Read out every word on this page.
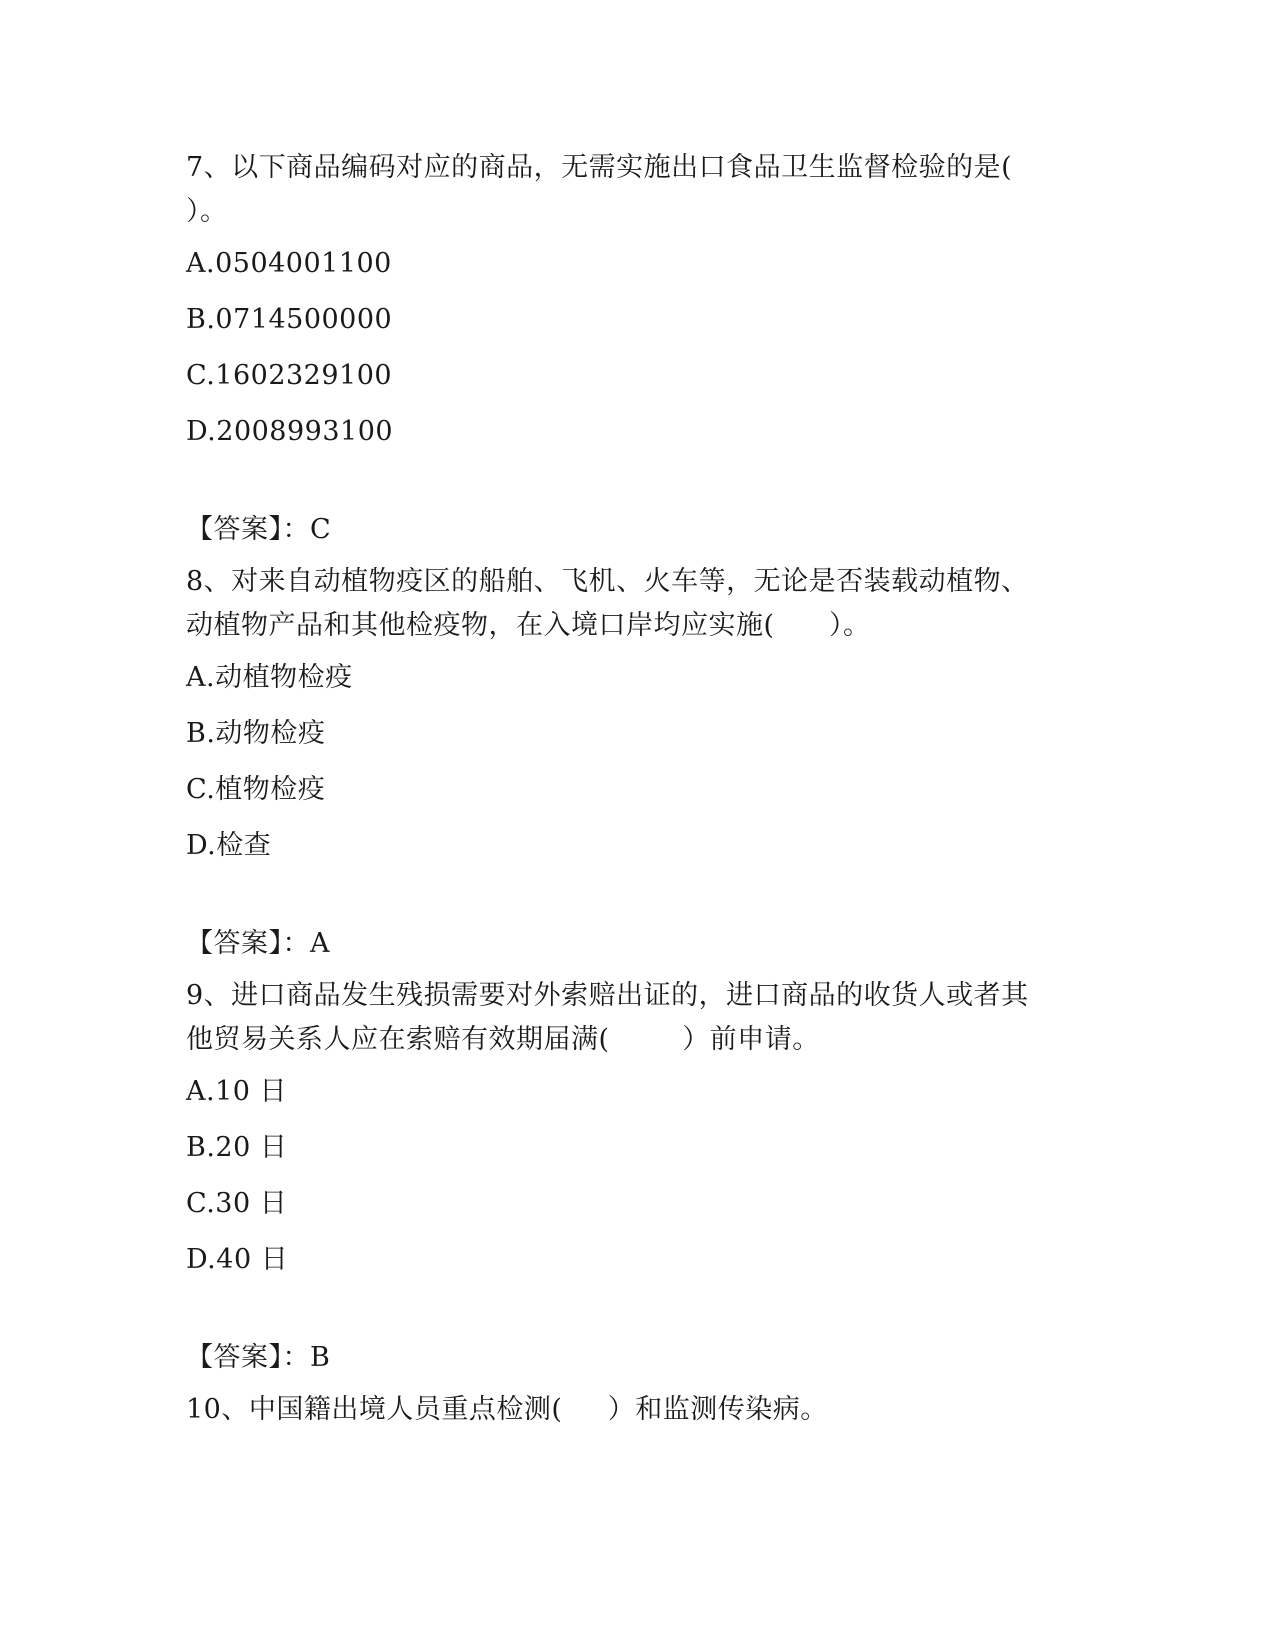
7、以下商品编码对应的商品，无需实施出口食品卫生监督检验的是(
）。

A.0504001100
B.0714500000
C.1602329100
D.2008993100
【答案】：C

8、对来自动植物疫区的船舶、飞机、火车等，无论是否装载动植物、
动植物产品和其他检疫物，在入境口岸均应实施(      ）。

A.动植物检疫
B.动物检疫
C.植物检疫
D.检查
【答案】：A

9、进口商品发生残损需要对外索赔出证的，进口商品的收货人或者其
他贸易关系人应在索赔有效期届满(        ）前申请。

A.10 日
B.20 日
C.30 日
D.40 日
【答案】：B

10、中国籍出境人员重点检测(     ）和监测传染病。
